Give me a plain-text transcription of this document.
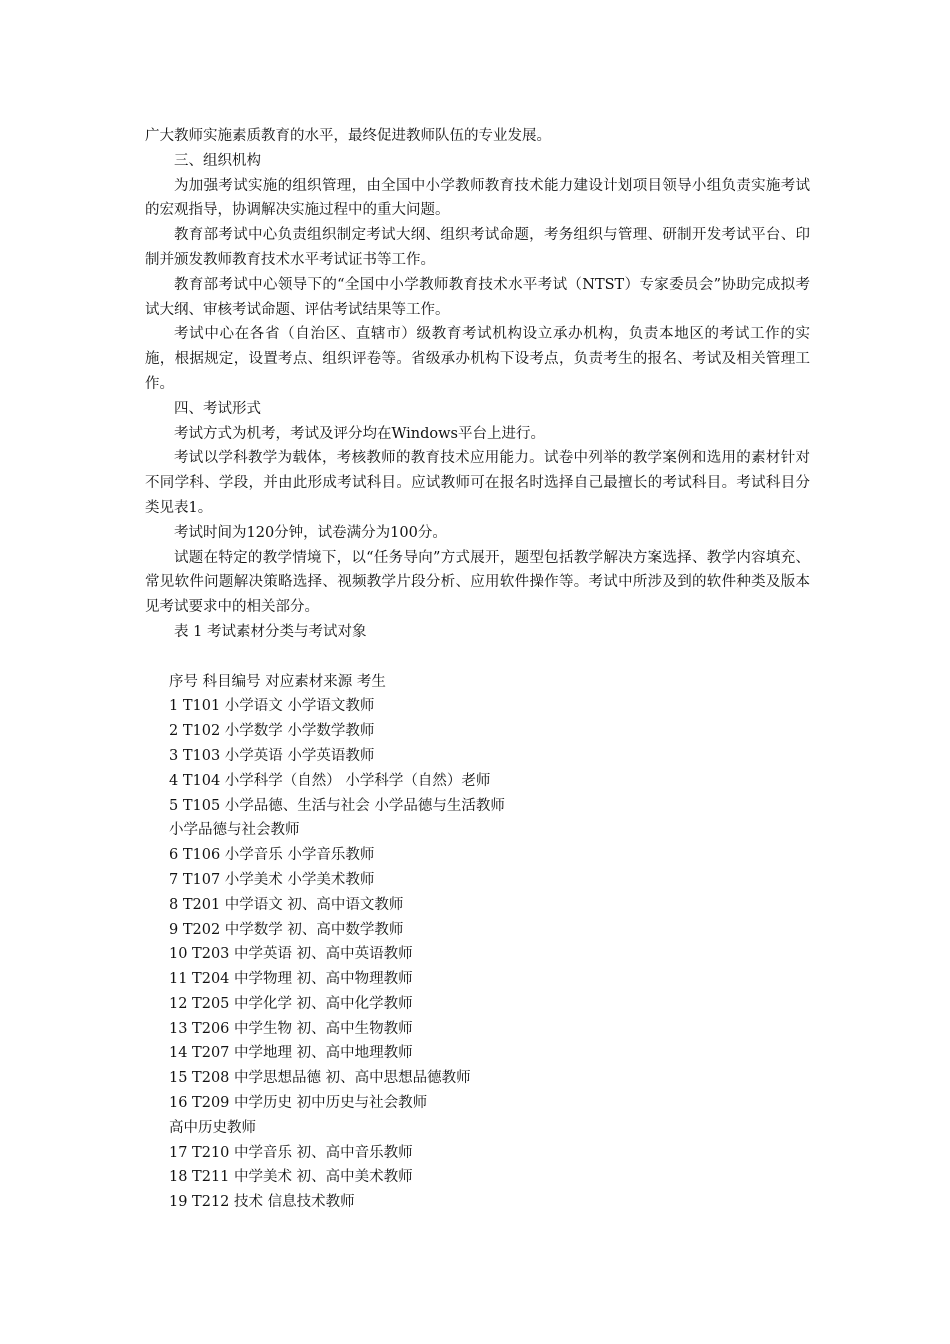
广大教师实施素质教育的水平，最终促进教师队伍的专业发展。

三、组织机构

为加强考试实施的组织管理，由全国中小学教师教育技术能力建设计划项目领导小组负责实施考试的宏观指导，协调解决实施过程中的重大问题。

教育部考试中心负责组织制定考试大纲、组织考试命题，考务组织与管理、研制开发考试平台、印制并颁发教师教育技术水平考试证书等工作。

教育部考试中心领导下的“全国中小学教师教育技术水平考试（NTST）专家委员会”协助完成拟考试大纲、审核考试命题、评估考试结果等工作。

考试中心在各省（自治区、直辖市）级教育考试机构设立承办机构，负责本地区的考试工作的实施，根据规定，设置考点、组织评卷等。省级承办机构下设考点，负责考生的报名、考试及相关管理工作。

四、考试形式

考试方式为机考，考试及评分均在Windows平台上进行。

考试以学科教学为载体，考核教师的教育技术应用能力。试卷中列举的教学案例和选用的素材针对不同学科、学段，并由此形成考试科目。应试教师可在报名时选择自己最擅长的考试科目。考试科目分类见表1。

考试时间为120分钟，试卷满分为100分。

试题在特定的教学情境下，以“任务导向”方式展开，题型包括教学解决方案选择、教学内容填充、常见软件问题解决策略选择、视频教学片段分析、应用软件操作等。考试中所涉及到的软件种类及版本见考试要求中的相关部分。

表 1 考试素材分类与考试对象

序号 科目编号 对应素材来源 考生

1 T101 小学语文 小学语文教师

2 T102 小学数学 小学数学教师

3 T103 小学英语 小学英语教师

4 T104 小学科学（自然） 小学科学（自然）老师

5 T105 小学品德、生活与社会 小学品德与生活教师

小学品德与社会教师

6 T106 小学音乐 小学音乐教师

7 T107 小学美术 小学美术教师

8 T201 中学语文 初、高中语文教师

9 T202 中学数学 初、高中数学教师

10 T203 中学英语 初、高中英语教师

11 T204 中学物理 初、高中物理教师

12 T205 中学化学 初、高中化学教师

13 T206 中学生物 初、高中生物教师

14 T207 中学地理 初、高中地理教师

15 T208 中学思想品德 初、高中思想品德教师

16 T209 中学历史 初中历史与社会教师

高中历史教师

17 T210 中学音乐 初、高中音乐教师

18 T211 中学美术 初、高中美术教师

19 T212 技术 信息技术教师
